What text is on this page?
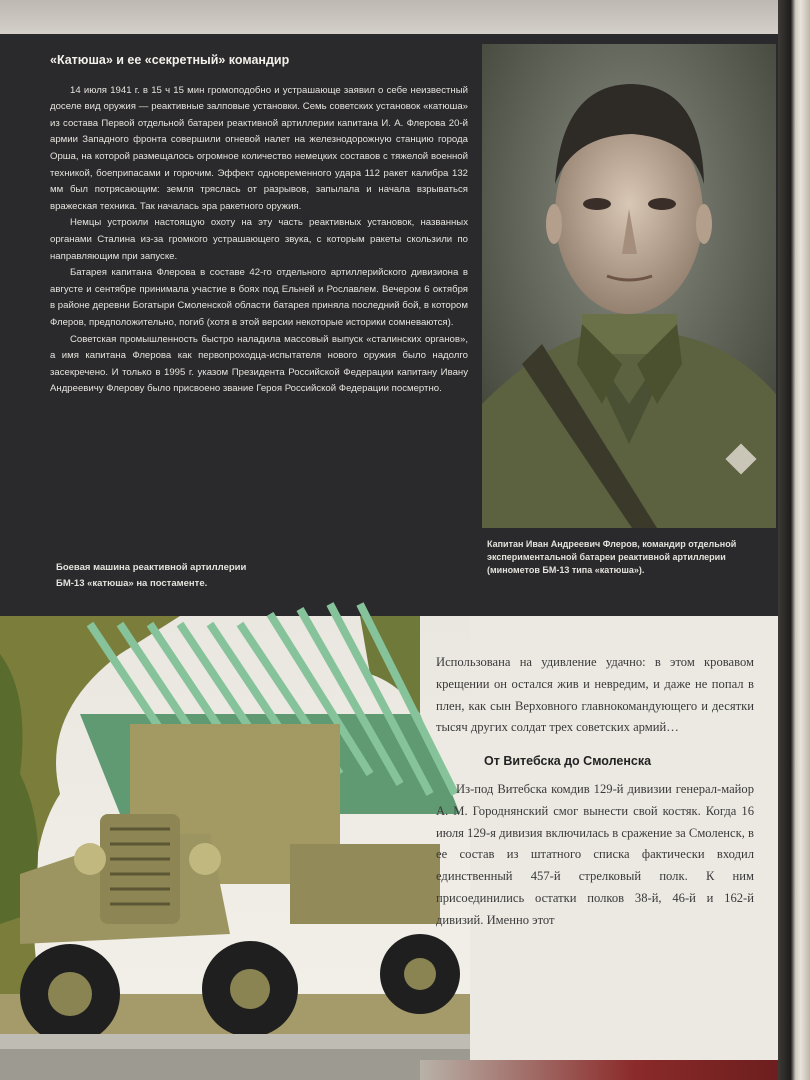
«Катюша» и ее «секретный» командир

14 июля 1941 г. в 15 ч 15 мин громоподобно и устрашающе заявил о себе неизвестный доселе вид оружия — реактивные залповые установки. Семь советских установок «катюша» из состава Первой отдельной батареи реактивной артиллерии капитана И. А. Флерова 20-й армии Западного фронта совершили огневой налет на железнодорожную станцию города Орша, на которой размещалось огромное количество немецких составов с тяжелой военной техникой, боеприпасами и горючим. Эффект одновременного удара 112 ракет калибра 132 мм был потрясающим: земля тряслась от разрывов, запылала и начала взрываться вражеская техника. Так началась эра ракетного оружия.

Немцы устроили настоящую охоту на эту часть реактивных установок, названных органами Сталина из-за громкого устрашающего звука, с которым ракеты скользили по направляющим при запуске.

Батарея капитана Флерова в составе 42-го отдельного артиллерийского дивизиона в августе и сентябре принимала участие в боях под Ельней и Рославлем. Вечером 6 октября в районе деревни Богатыри Смоленской области батарея приняла последний бой, в котором Флеров, предположительно, погиб (хотя в этой версии некоторые историки сомневаются).

Советская промышленность быстро наладила массовый выпуск «сталинских органов», а имя капитана Флерова как первопроходца-испытателя нового оружия было надолго засекречено. И только в 1995 г. указом Президента Российской Федерации капитану Ивану Андреевичу Флерову было присвоено звание Героя Российской Федерации посмертно.

Капитан Иван Андреевич Флеров, командир отдельной экспериментальной батареи реактивной артиллерии (минометов БМ-13 типа «катюша»).
Боевая машина реактивной артиллерии БМ-13 «катюша» на постаменте.

Использована на удивление удачно: в этом кровавом крещении он остался жив и невредим, и даже не попал в плен, как сын Верховного главнокомандующего и десятки тысяч других солдат трех советских армий…

От Витебска до Смоленска

Из-под Витебска комдив 129-й дивизии генерал-майор А. М. Городнянский смог вынести свой костяк. Когда 16 июля 129-я дивизия включилась в сражение за Смоленск, в ее состав из штатного списка фактически входил единственный 457-й стрелковый полк. К ним присоединились остатки полков 38-й, 46-й и 162-й дивизий. Именно этот
